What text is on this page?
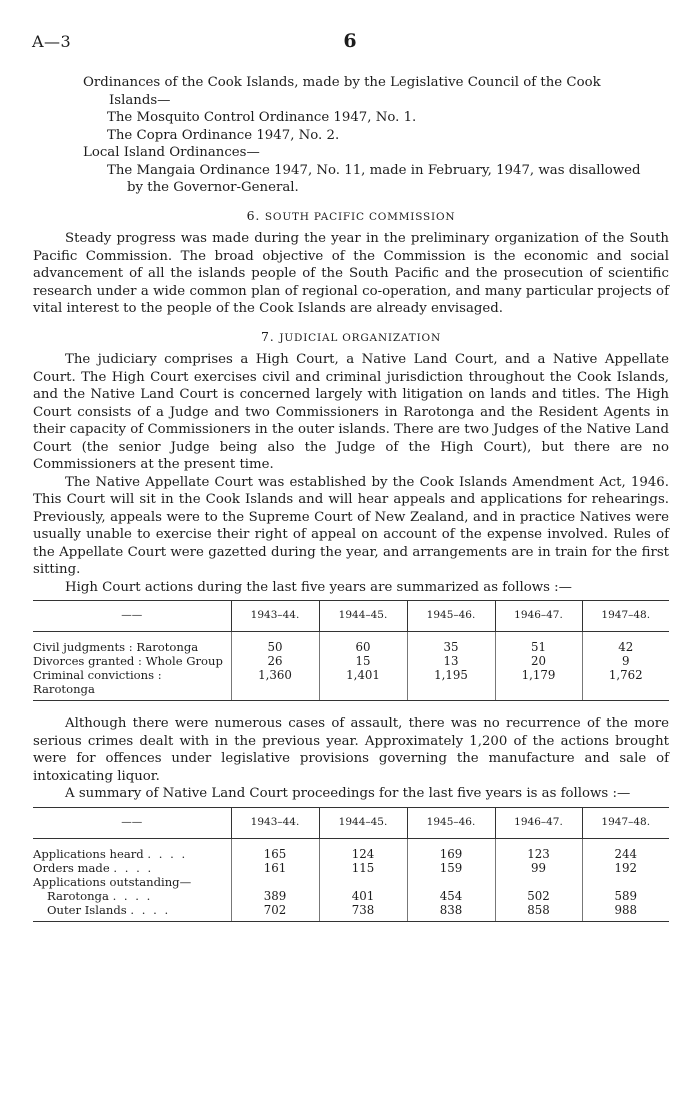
A—3	6
Ordinances of the Cook Islands, made by the Legislative Council of the Cook
Islands—
The Mosquito Control Ordinance 1947, No. 1.
The Copra Ordinance 1947, No. 2.
Local Island Ordinances—
The Mangaia Ordinance 1947, No. 11, made in February, 1947, was disallowed
by the Governor-General.
6. SOUTH PACIFIC COMMISSION

Steady progress was made during the year in the preliminary organization of the South Pacific Commission. The broad objective of the Commission is the economic and social advancement of all the islands people of the South Pacific and the prosecution of scientific research under a wide common plan of regional co-operation, and many particular projects of vital interest to the people of the Cook Islands are already envisaged.

7. JUDICIAL ORGANIZATION

The judiciary comprises a High Court, a Native Land Court, and a Native Appellate Court. The High Court exercises civil and criminal jurisdiction throughout the Cook Islands, and the Native Land Court is concerned largely with litigation on lands and titles. The High Court consists of a Judge and two Commissioners in Rarotonga and the Resident Agents in their capacity of Commissioners in the outer islands. There are two Judges of the Native Land Court (the senior Judge being also the Judge of the High Court), but there are no Commissioners at the present time.

The Native Appellate Court was established by the Cook Islands Amendment Act, 1946. This Court will sit in the Cook Islands and will hear appeals and applications for rehearings. Previously, appeals were to the Supreme Court of New Zealand, and in practice Natives were usually unable to exercise their right of appeal on account of the expense involved. Rules of the Appellate Court were gazetted during the year, and arrangements are in train for the first sitting.

High Court actions during the last five years are summarized as follows :—

——	1943–44.	1944–45.	1945–46.	1946–47.	1947–48.

Civil judgments : Rarotonga	50	60	35	51	42
Divorces granted : Whole Group	26	15	13	20	9
Criminal convictions : Rarotonga	1,360	1,401	1,195	1,179	1,762

Although there were numerous cases of assault, there was no recurrence of the more serious crimes dealt with in the previous year. Approximately 1,200 of the actions brought were for offences under legislative provisions governing the manufacture and sale of intoxicating liquor.

A summary of Native Land Court proceedings for the last five years is as follows :—

——	1943–44.	1944–45.	1945–46.	1946–47.	1947–48.

Applications heard . . . .	165	124	169	123	244
Orders made . . . .	161	115	159	99	192
Applications outstanding—					
Rarotonga . . . .	389	401	454	502	589
Outer Islands . . . .	702	738	838	858	988
